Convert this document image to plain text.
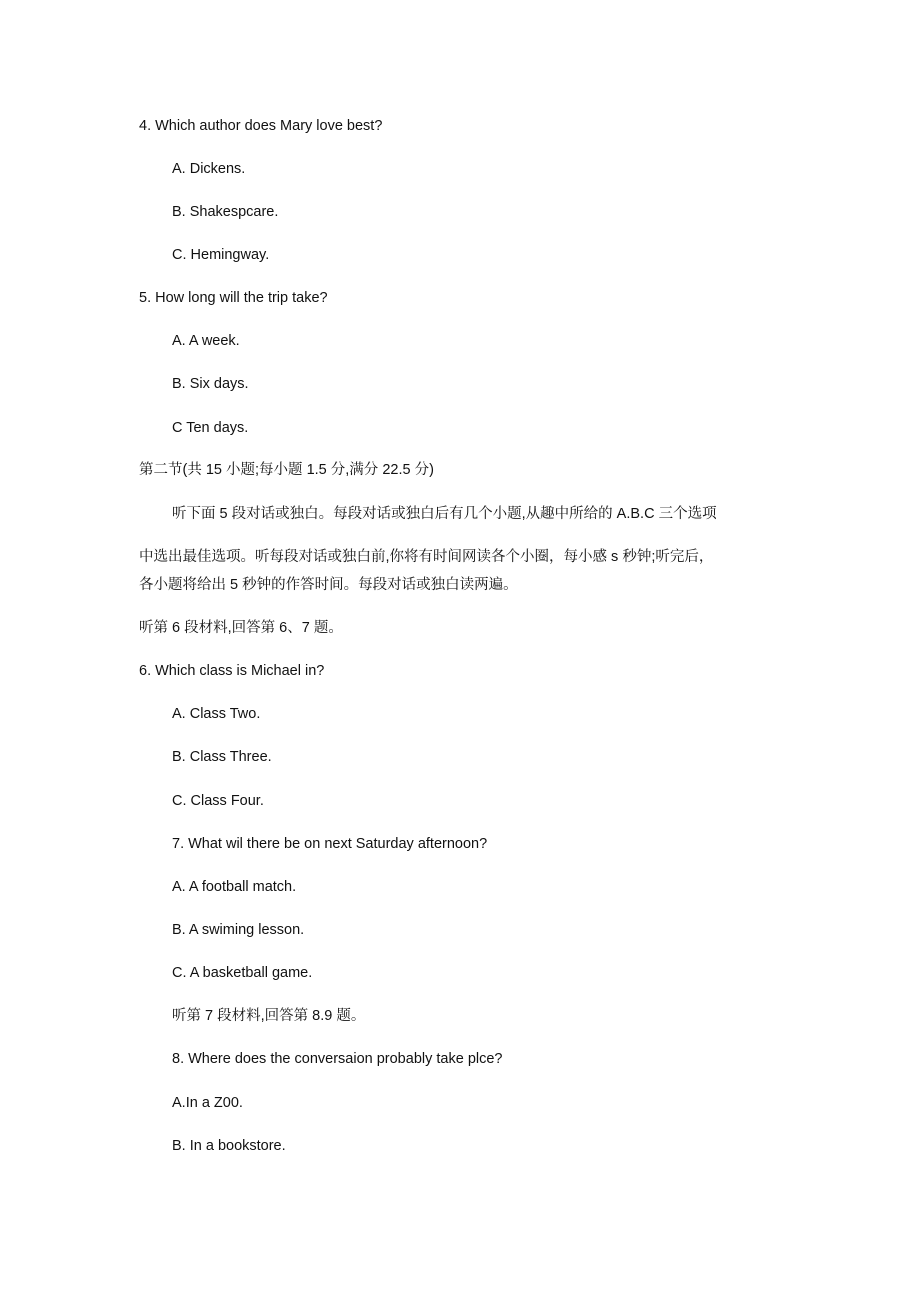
4. Which author does Mary love best?
A. Dickens.
B. Shakespcare.
C. Hemingway.
5. How long will the trip take?
A. A week.
B. Six days.
C Ten days.
第二节(共 15 小题;每小题 1.5 分,满分 22.5 分)
听下面 5 段对话或独白。每段对话或独白后有几个小题,从趣中所给的 A.B.C 三个选项
中选出最佳选项。听每段对话或独白前,你将有时间网读各个小圈，每小感 s 秒钟;听完后，
各小题将给出 5 秒钟的作答时间。每段对话或独白读两遍。
听第 6 段材料,回答第 6、7 题。
6. Which class is Michael in?
A. Class Two.
B. Class Three.
C. Class Four.
7. What wil there be on next Saturday afternoon?
A. A football match.
B. A swiming lesson.
C. A basketball game.
听第 7 段材料,回答第 8.9 题。
8. Where does the conversaion probably take plce?
A.In a Z00.
B. In a bookstore.
